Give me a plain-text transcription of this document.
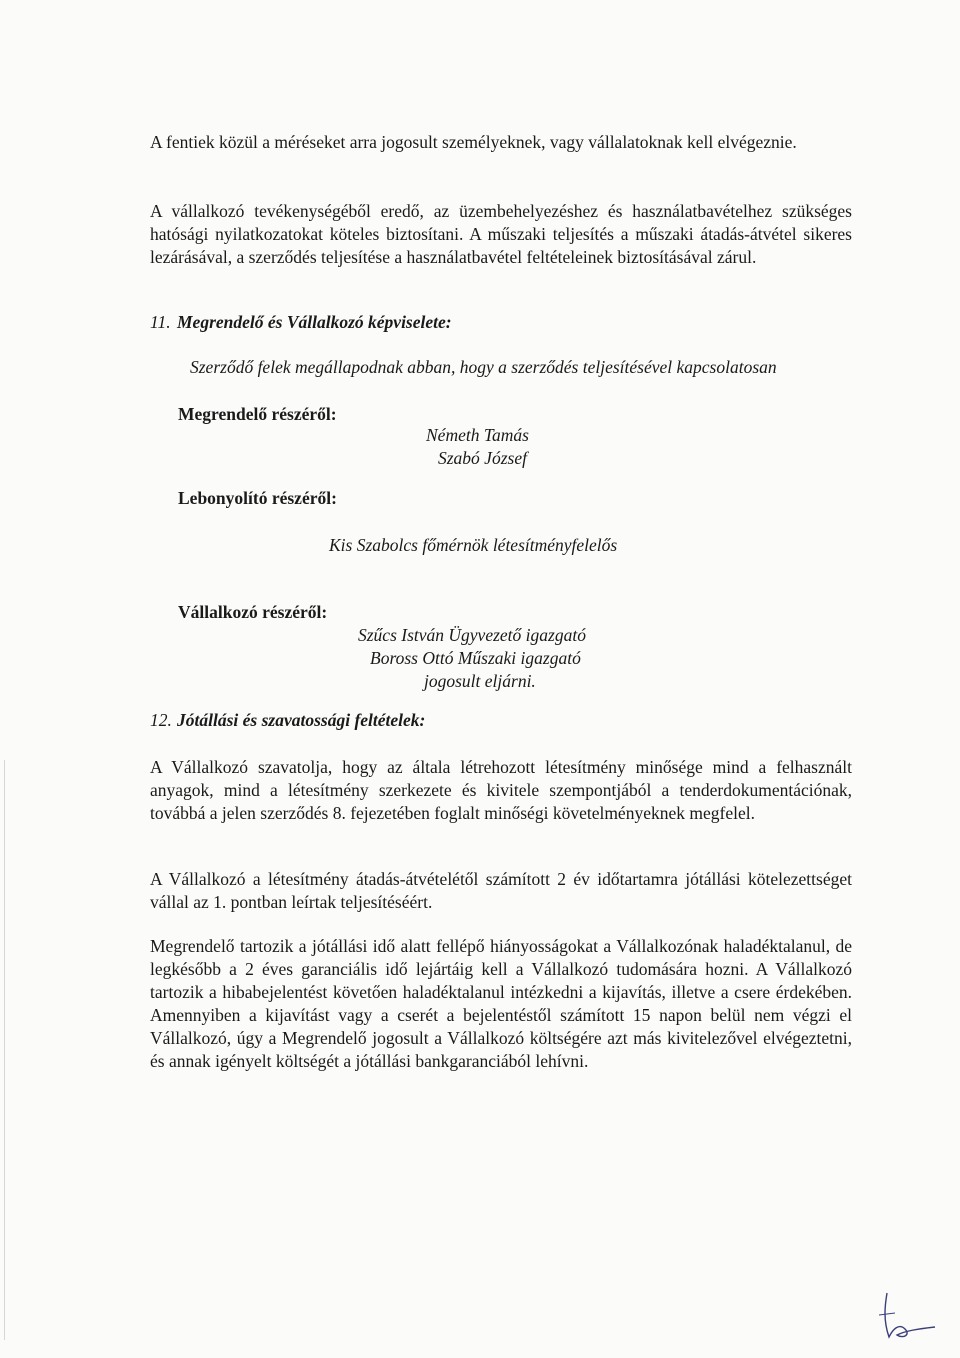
A fentiek közül a méréseket arra jogosult személyeknek, vagy vállalatoknak kell elvégeznie.

A vállalkozó tevékenységéből eredő, az üzembehelyezéshez és használatbavételhez szükséges hatósági nyilatkozatokat köteles biztosítani. A műszaki teljesítés a műszaki átadás-átvétel sikeres lezárásával, a szerződés teljesítése a használatbavétel feltételeinek biztosításával zárul.

11. Megrendelő és Vállalkozó képviselete:

Szerződő felek megállapodnak abban, hogy a szerződés teljesítésével kapcsolatosan

Megrendelő részéről:

Németh Tamás

Szabó József

Lebonyolító részéről:

Kis Szabolcs főmérnök létesítményfelelős

Vállalkozó részéről:

Szűcs István Ügyvezető igazgató

Boross Ottó Műszaki igazgató

jogosult eljárni.

12. Jótállási és szavatossági feltételek:

A Vállalkozó szavatolja, hogy az általa létrehozott létesítmény minősége mind a felhasznált anyagok, mind a létesítmény szerkezete és kivitele szempontjából a tenderdokumentációnak, továbbá a jelen szerződés 8. fejezetében foglalt minőségi követelményeknek megfelel.

A Vállalkozó a létesítmény átadás-átvételétől számított 2 év időtartamra jótállási kötelezettséget vállal az 1. pontban leírtak teljesítéséért.

Megrendelő tartozik a jótállási idő alatt fellépő hiányosságokat a Vállalkozónak haladéktalanul, de legkésőbb a 2 éves garanciális idő lejártáig kell a Vállalkozó tudomására hozni. A Vállalkozó tartozik a hibabejelentést követően haladéktalanul intézkedni a kijavítás, illetve a csere érdekében. Amennyiben a kijavítást vagy a cserét a bejelentéstől számított 15 napon belül nem végzi el Vállalkozó, úgy a Megrendelő jogosult a Vállalkozó költségére azt más kivitelezővel elvégeztetni, és annak igényelt költségét a jótállási bankgaranciából lehívni.
